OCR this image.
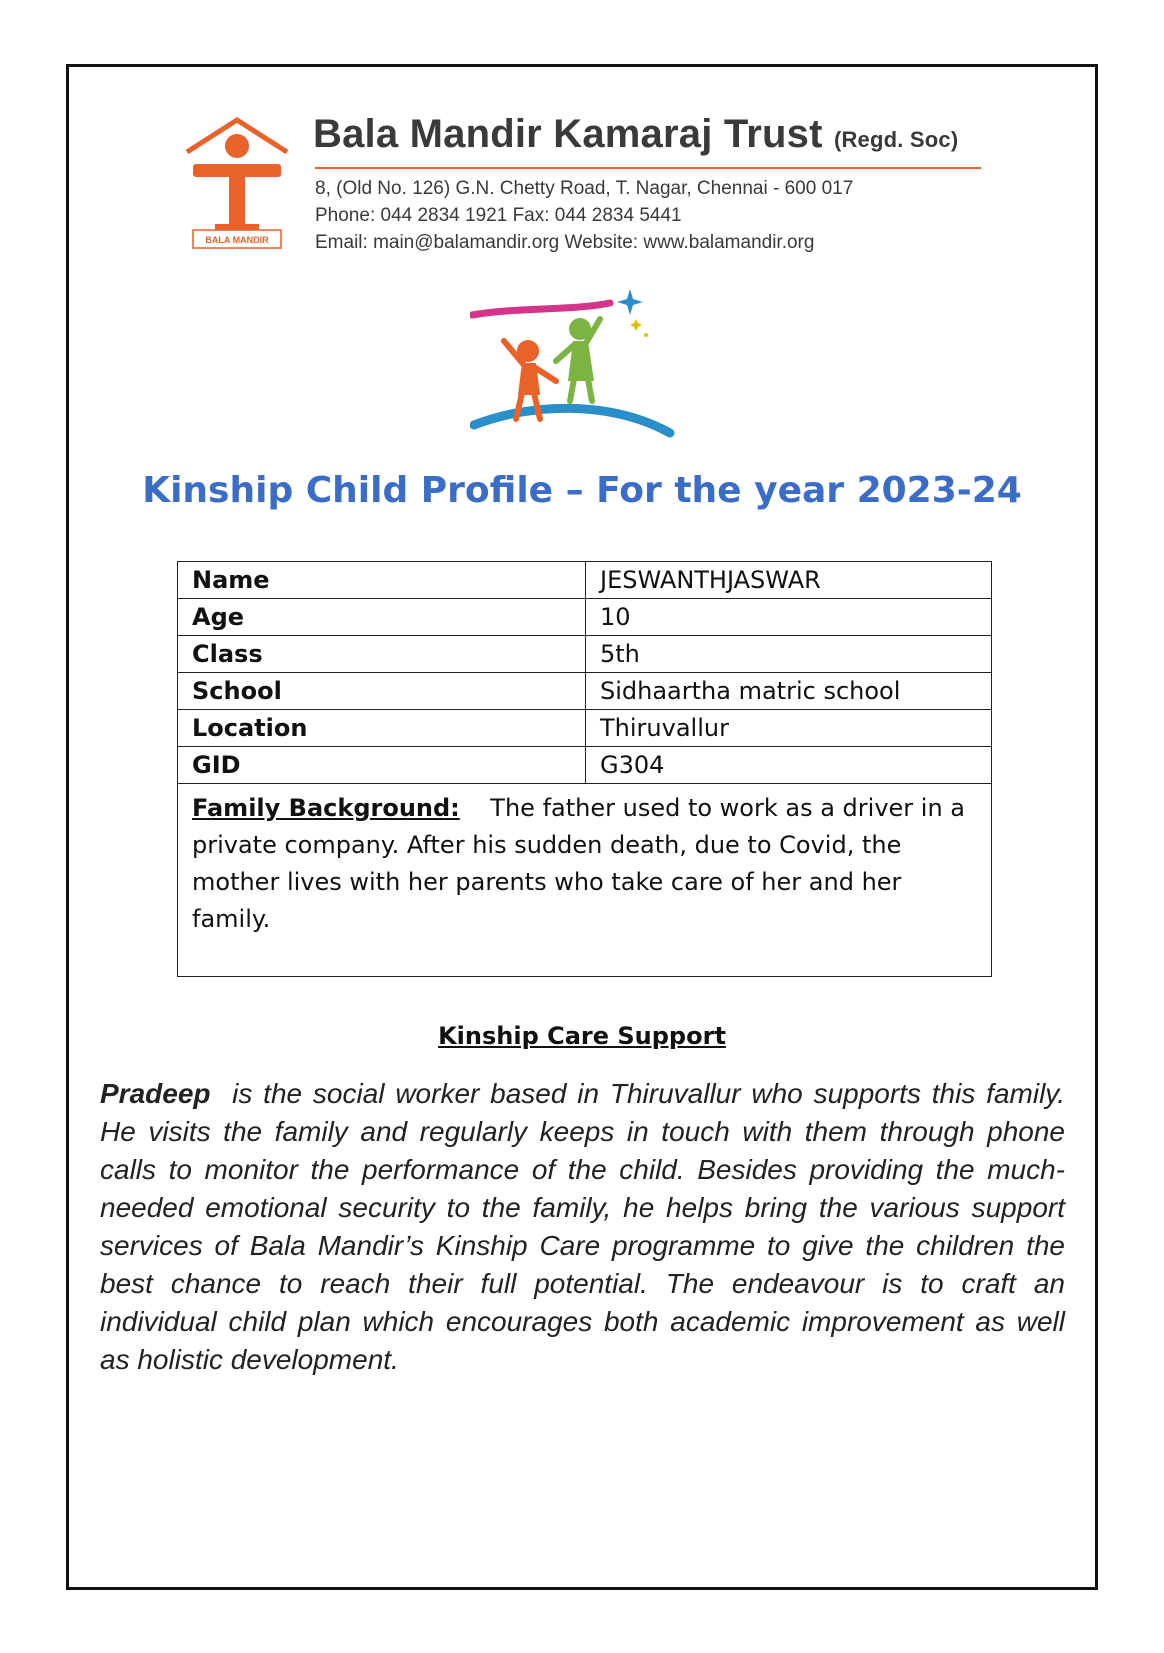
BALA MANDIR
Bala Mandir Kamaraj Trust (Regd. Soc)
8, (Old No. 126) G.N. Chetty Road, T. Nagar, Chennai - 600 017
Phone: 044 2834 1921 Fax: 044 2834 5441
Email: main@balamandir.org Website: www.balamandir.org
Kinship Child Profile – For the year 2023-24
Name	JESWANTHJASWAR
Age	10
Class	5th
School	Sidhaartha matric school
Location	Thiruvallur
GID	G304
Family Background: The father used to work as a driver in a private company. After his sudden death, due to Covid, the mother lives with her parents who take care of her and her family.	
Kinship Care Support

Pradeep is the social worker based in Thiruvallur who supports this family. He visits the family and regularly keeps in touch with them through phone calls to monitor the performance of the child. Besides providing the much-needed emotional security to the family, he helps bring the various support services of Bala Mandir’s Kinship Care programme to give the children the best chance to reach their full potential. The endeavour is to craft an individual child plan which encourages both academic improvement as well as holistic development.
